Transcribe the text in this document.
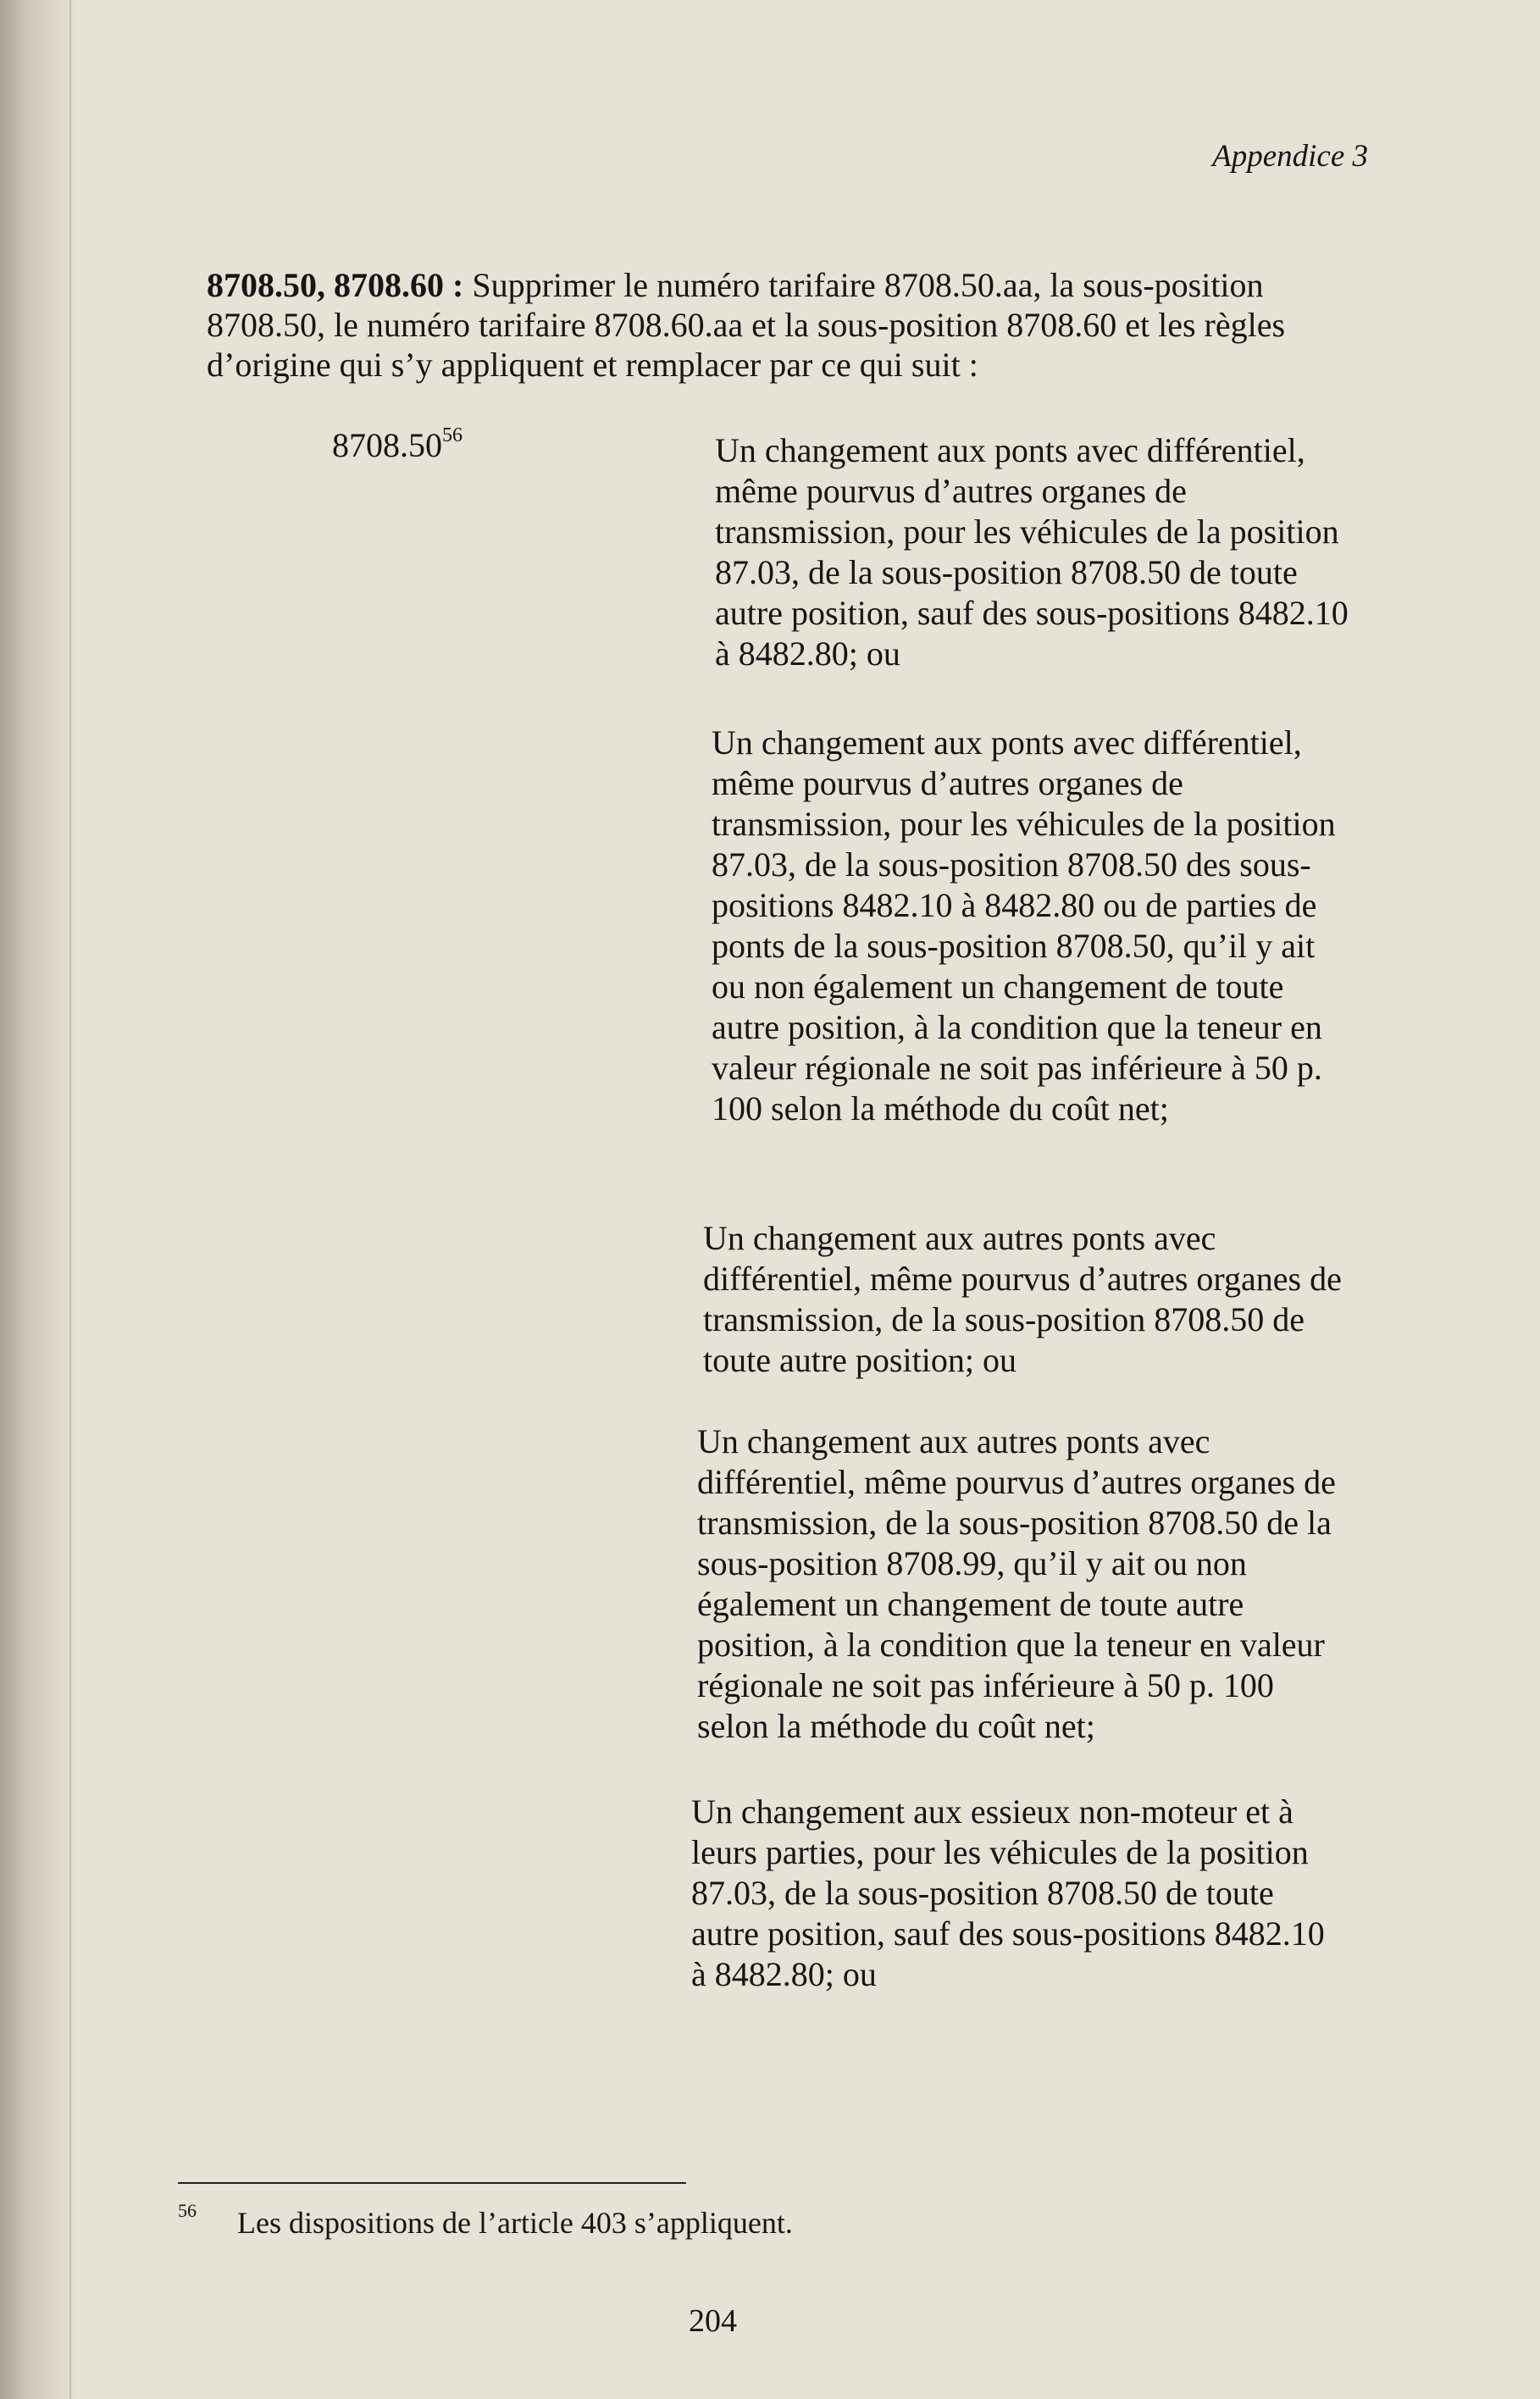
Appendice 3

8708.50, 8708.60 : Supprimer le numéro tarifaire 8708.50.aa, la sous-position 8708.50, le numéro tarifaire 8708.60.aa et la sous-position 8708.60 et les règles d’origine qui s’y appliquent et remplacer par ce qui suit :

8708.50$^{56}$	Un changement aux ponts avec différentiel, même pourvus d’autres organes de transmission, pour les véhicules de la position 87.03, de la sous-position 8708.50 de toute autre position, sauf des sous-positions 8482.10 à 8482.80; ou

Un changement aux ponts avec différentiel, même pourvus d’autres organes de transmission, pour les véhicules de la position 87.03, de la sous-position 8708.50 des sous-positions 8482.10 à 8482.80 ou de parties de ponts de la sous-position 8708.50, qu’il y ait ou non également un changement de toute autre position, à la condition que la teneur en valeur régionale ne soit pas inférieure à 50 p. 100 selon la méthode du coût net;

Un changement aux autres ponts avec différentiel, même pourvus d’autres organes de transmission, de la sous-position 8708.50 de toute autre position; ou

Un changement aux autres ponts avec différentiel, même pourvus d’autres organes de transmission, de la sous-position 8708.50 de la sous-position 8708.99, qu’il y ait ou non également un changement de toute autre position, à la condition que la teneur en valeur régionale ne soit pas inférieure à 50 p. 100 selon la méthode du coût net;

Un changement aux essieux non-moteur et à leurs parties, pour les véhicules de la position 87.03, de la sous-position 8708.50 de toute autre position, sauf des sous-positions 8482.10 à 8482.80; ou

56 Les dispositions de l’article 403 s’appliquent.
204
